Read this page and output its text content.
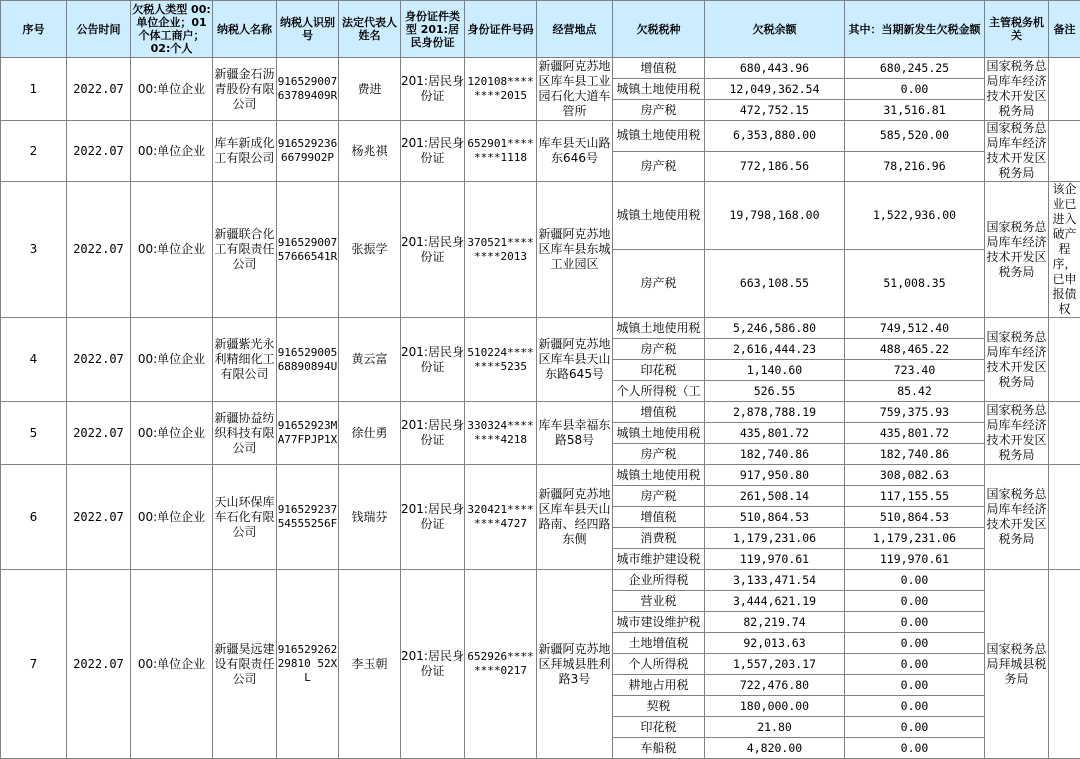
序号	公告时间	欠税人类型 00:单位企业；01个体工商户；02:个人	纳税人名称	纳税人识别号	法定代表人姓名	身份证件类型 201:居民身份证	身份证件号码	经营地点	欠税税种	欠税余额	其中：当期新发生欠税金额	主管税务机关	备注
1	2022.07	00:单位企业	新疆金石沥青股份有限公司	91652900763789409R	费进	201:居民身份证	120108********2015	新疆阿克苏地区库车县工业园石化大道车管所	增值税	680,443.96	680,245.25	国家税务总局库车经济技术开发区税务局	
									城镇土地使用税	12,049,362.54	0.00		
									房产税	472,752.15	31,516.81		
2	2022.07	00:单位企业	库车新成化工有限公司	91652923666799O2P	杨兆祺	201:居民身份证	652901********1118	库车县天山路东646号	城镇土地使用税	6,353,880.00	585,520.00	国家税务总局库车经济技术开发区税务局	
									房产税	772,186.56	78,216.96		
3	2022.07	00:单位企业	新疆联合化工有限责任公司	91652900757666541R	张振学	201:居民身份证	370521********2013	新疆阿克苏地区库车县东城工业园区	城镇土地使用税	19,798,168.00	1,522,936.00	国家税务总局库车经济技术开发区税务局	该企业已进入破产程序，已申报债权
									房产税	663,108.55	51,008.35		
4	2022.07	00:单位企业	新疆紫光永利精细化工有限公司	91652900568890894U	黄云富	201:居民身份证	510224********5235	新疆阿克苏地区库车县天山东路645号	城镇土地使用税	5,246,586.80	749,512.40	国家税务总局库车经济技术开发区税务局	
									房产税	2,616,444.23	488,465.22		
									印花税	1,140.60	723.40		
									个人所得税（工	526.55	85.42		
5	2022.07	00:单位企业	新疆协益纺织科技有限公司	91652923MA77FPJP1X	徐仕勇	201:居民身份证	330324********4218	库车县幸福东路58号	增值税	2,878,788.19	759,375.93	国家税务总局库车经济技术开发区税务局	
									城镇土地使用税	435,801.72	435,801.72		
									房产税	182,740.86	182,740.86		
6	2022.07	00:单位企业	天山环保库车石化有限公司	91652923754555256F	钱瑞芬	201:居民身份证	320421********4727	新疆阿克苏地区库车县天山路南、经四路东侧	城镇土地使用税	917,950.80	308,082.63	国家税务总局库车经济技术开发区税务局	
									房产税	261,508.14	117,155.55		
									增值税	510,864.53	510,864.53		
									消费税	1,179,231.06	1,179,231.06		
									城市维护建设税	119,970.61	119,970.61		
7	2022.07	00:单位企业	新疆昊远建设有限责任公司	91652926229810 52XL	李玉朝	201:居民身份证	652926********0217	新疆阿克苏地区拜城县胜利路3号	企业所得税	3,133,471.54	0.00	国家税务总局拜城县税务局	
									营业税	3,444,621.19	0.00		
									城市建设维护税	82,219.74	0.00		
									土地增值税	92,013.63	0.00		
									个人所得税	1,557,203.17	0.00		
									耕地占用税	722,476.80	0.00		
									契税	180,000.00	0.00		
									印花税	21.80	0.00		
									车船税	4,820.00	0.00		
